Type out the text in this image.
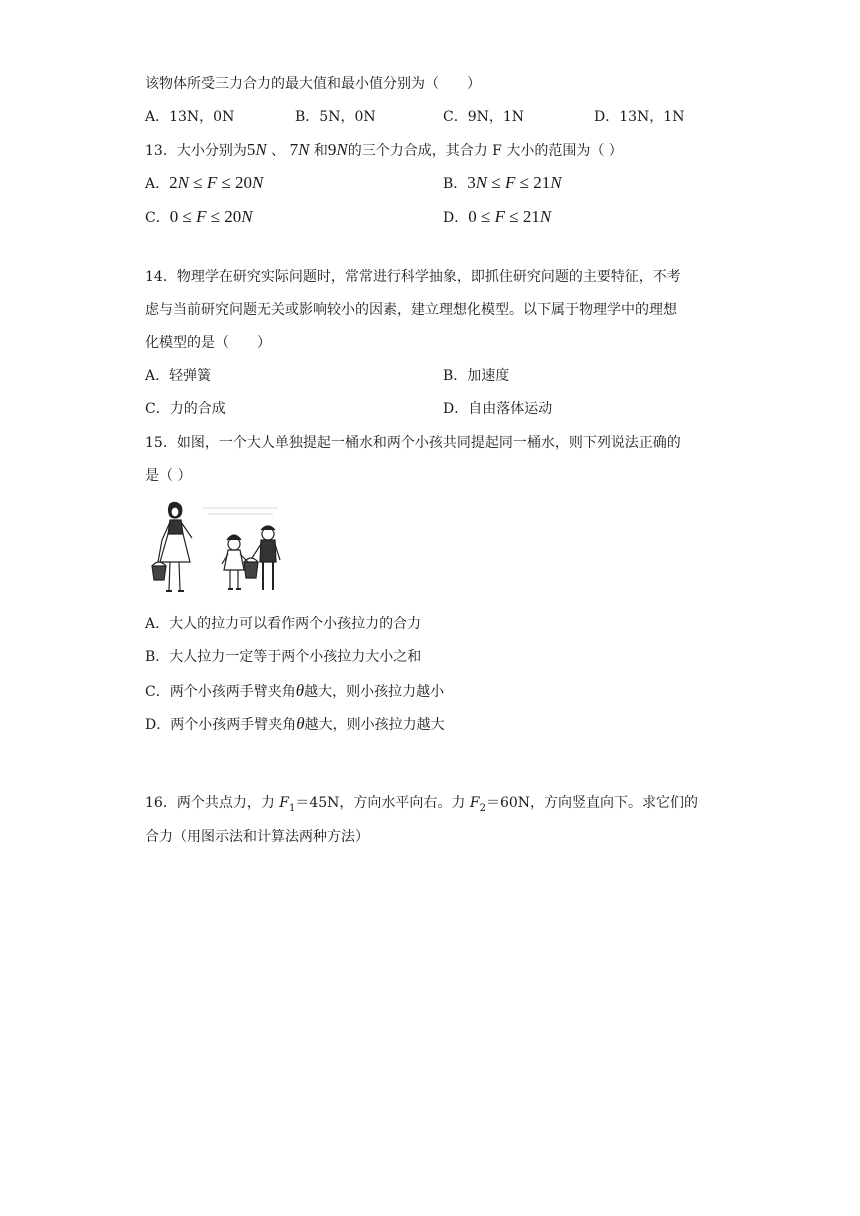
该物体所受三力合力的最大值和最小值分别为（　　）
A．13N，0N	B．5N，0N	C．9N，1N	D．13N，1N
13．大小分别为5N 、 7N 和9N的三个力合成，其合力 F 大小的范围为（ ）
A．2N ≤ F ≤ 20N	B．3N ≤ F ≤ 21N
C．0 ≤ F ≤ 20N	D．0 ≤ F ≤ 21N
14．物理学在研究实际问题时，常常进行科学抽象，即抓住研究问题的主要特征，不考
虑与当前研究问题无关或影响较小的因素，建立理想化模型。以下属于物理学中的理想
化模型的是（　　）
A．轻弹簧	B．加速度
C．力的合成	D．自由落体运动
15．如图，一个大人单独提起一桶水和两个小孩共同提起同一桶水，则下列说法正确的
是（ ）
A．大人的拉力可以看作两个小孩拉力的合力
B．大人拉力一定等于两个小孩拉力大小之和
C．两个小孩两手臂夹角θ越大，则小孩拉力越小
D．两个小孩两手臂夹角θ越大，则小孩拉力越大
16．两个共点力，力 $F_1=45N$，方向水平向右。力 $F_2=60N$，方向竖直向下。求它们的
合力（用图示法和计算法两种方法）
